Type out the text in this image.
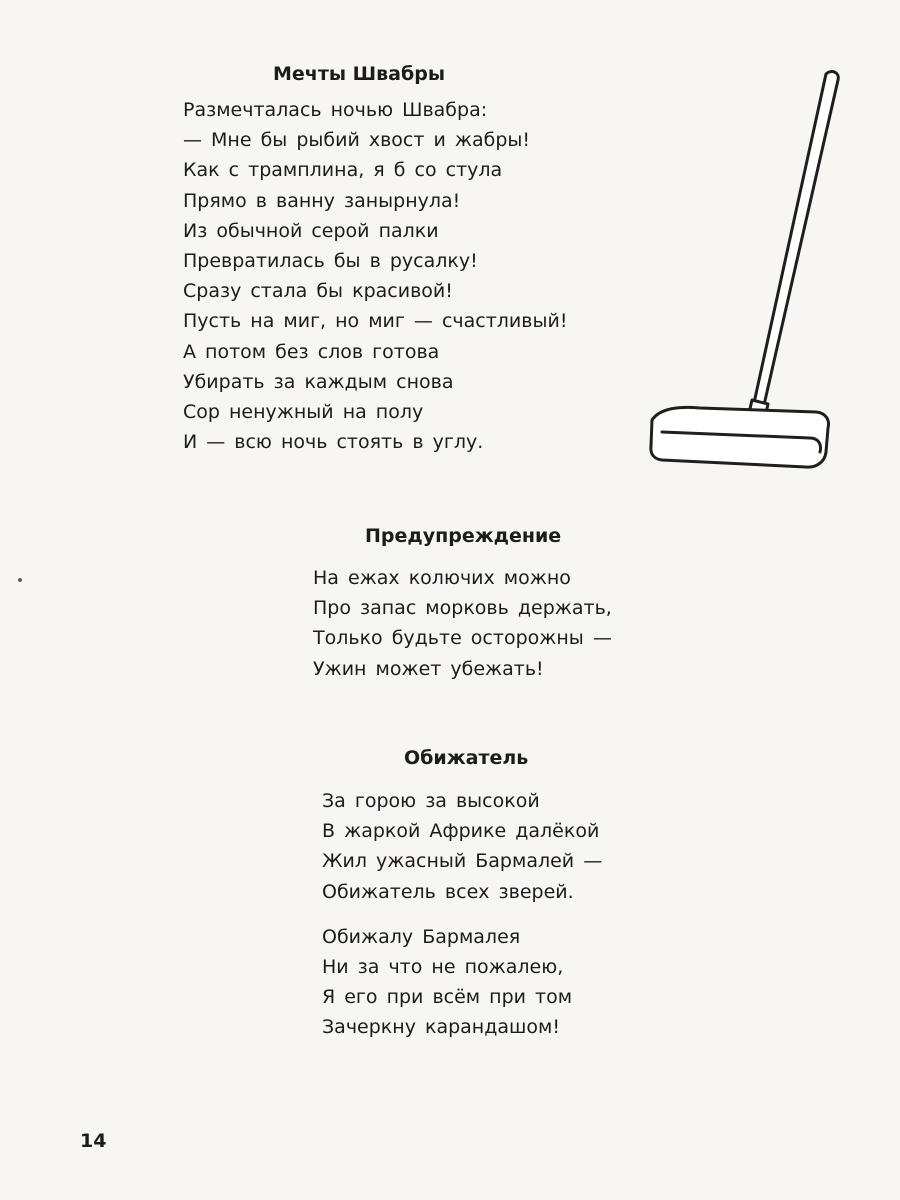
Мечты Швабры
Размечталась ночью Швабра:
— Мне бы рыбий хвост и жабры!
Как с трамплина, я б со стула
Прямо в ванну занырнула!
Из обычной серой палки
Превратилась бы в русалку!
Сразу стала бы красивой!
Пусть на миг, но миг — счастливый!
А потом без слов готова
Убирать за каждым снова
Сор ненужный на полу
И — всю ночь стоять в углу.
Предупреждение
На ежах колючих можно
Про запас морковь держать,
Только будьте осторожны —
Ужин может убежать!
Обижатель
За горою за высокой
В жаркой Африке далёкой
Жил ужасный Бармалей —
Обижатель всех зверей.
Обижалу Бармалея
Ни за что не пожалею,
Я его при всём при том
Зачеркну карандашом!
14
